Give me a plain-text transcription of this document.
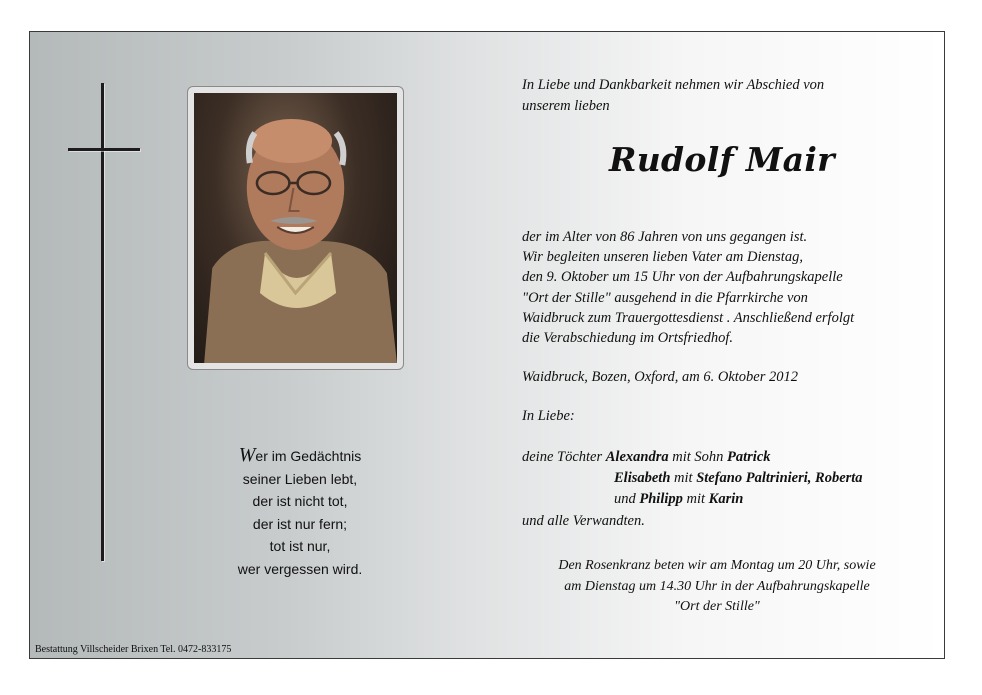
Wer im Gedächtnis
seiner Lieben lebt,
der ist nicht tot,
der ist nur fern;
tot ist nur,
wer vergessen wird.
Bestattung Villscheider Brixen Tel. 0472-833175
In Liebe und Dankbarkeit nehmen wir Abschied von
unserem lieben
Rudolf Mair
der im Alter von 86 Jahren von uns gegangen ist.
Wir begleiten unseren lieben Vater am Dienstag,
den 9. Oktober um 15 Uhr von der Aufbahrungskapelle
"Ort der Stille" ausgehend in die Pfarrkirche von
Waidbruck zum Trauergottesdienst . Anschließend erfolgt
die Verabschiedung im Ortsfriedhof.
Waidbruck, Bozen, Oxford, am 6. Oktober 2012
In Liebe:
deine Töchter Alexandra mit Sohn Patrick
Elisabeth mit Stefano Paltrinieri, Roberta
und Philipp mit Karin
und alle Verwandten.
Den Rosenkranz beten wir am Montag um 20 Uhr, sowie
am Dienstag um 14.30 Uhr in der Aufbahrungskapelle
"Ort der Stille"
